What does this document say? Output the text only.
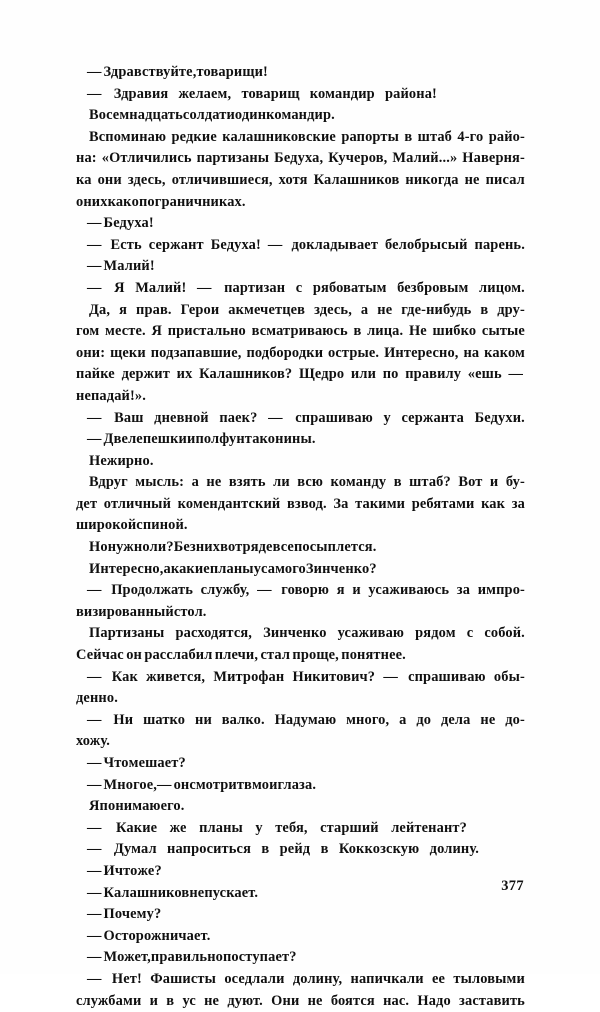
— Здравствуйте, товарищи!
— Здравия желаем, товарищ командир района!
Восемнадцать солдат и один командир.
Вспоминаю редкие калашниковские рапорты в штаб 4-го райо-
на: «Отличились партизаны Бедуха, Кучеров, Малий...» Наверня-
ка они здесь, отличившиеся, хотя Калашников никогда не писал
о них как о пограничниках.
— Бедуха!
— Есть сержант Бедуха! — докладывает белобрысый парень.
— Малий!
— Я Малий! — партизан с рябоватым безбровым лицом.
Да, я прав. Герои акмечетцев здесь, а не где-нибудь в дру-
гом месте. Я пристально всматриваюсь в лица. Не шибко сытые
они: щеки подзапавшие, подбородки острые. Интересно, на каком
пайке держит их Калашников? Щедро или по правилу «ешь —
не падай!».
— Ваш дневной паек? — спрашиваю у сержанта Бедухи.
— Две лепешки и полфунта конины.
Нежирно.
Вдруг мысль: а не взять ли всю команду в штаб? Вот и бу-
дет отличный комендантский взвод. За такими ребятами как за
широкой спиной.
Но нужно ли? Без них в отряде все посыплется.
Интересно, а какие планы у самого Зинченко?
— Продолжать службу, — говорю я и усаживаюсь за импро-
визированный стол.
Партизаны расходятся, Зинченко усаживаю рядом с собой.
Сейчас он расслабил плечи, стал проще, понятнее.
— Как живется, Митрофан Никитович? — спрашиваю обы-
денно.
— Ни шатко ни валко. Надумаю много, а до дела не до-
хожу.
— Что мешает?
— Многое, — он смотрит в мои глаза.
Я понимаю его.
— Какие же планы у тебя, старший лейтенант?
— Думал напроситься в рейд в Коккозскую долину.
— И что же?
— Калашников не пускает.
— Почему?
— Осторожничает.
— Может, правильно поступает?
— Нет! Фашисты оседлали долину, напичкали ее тыловыми
службами и в ус не дуют. Они не боятся нас. Надо заставить
377
